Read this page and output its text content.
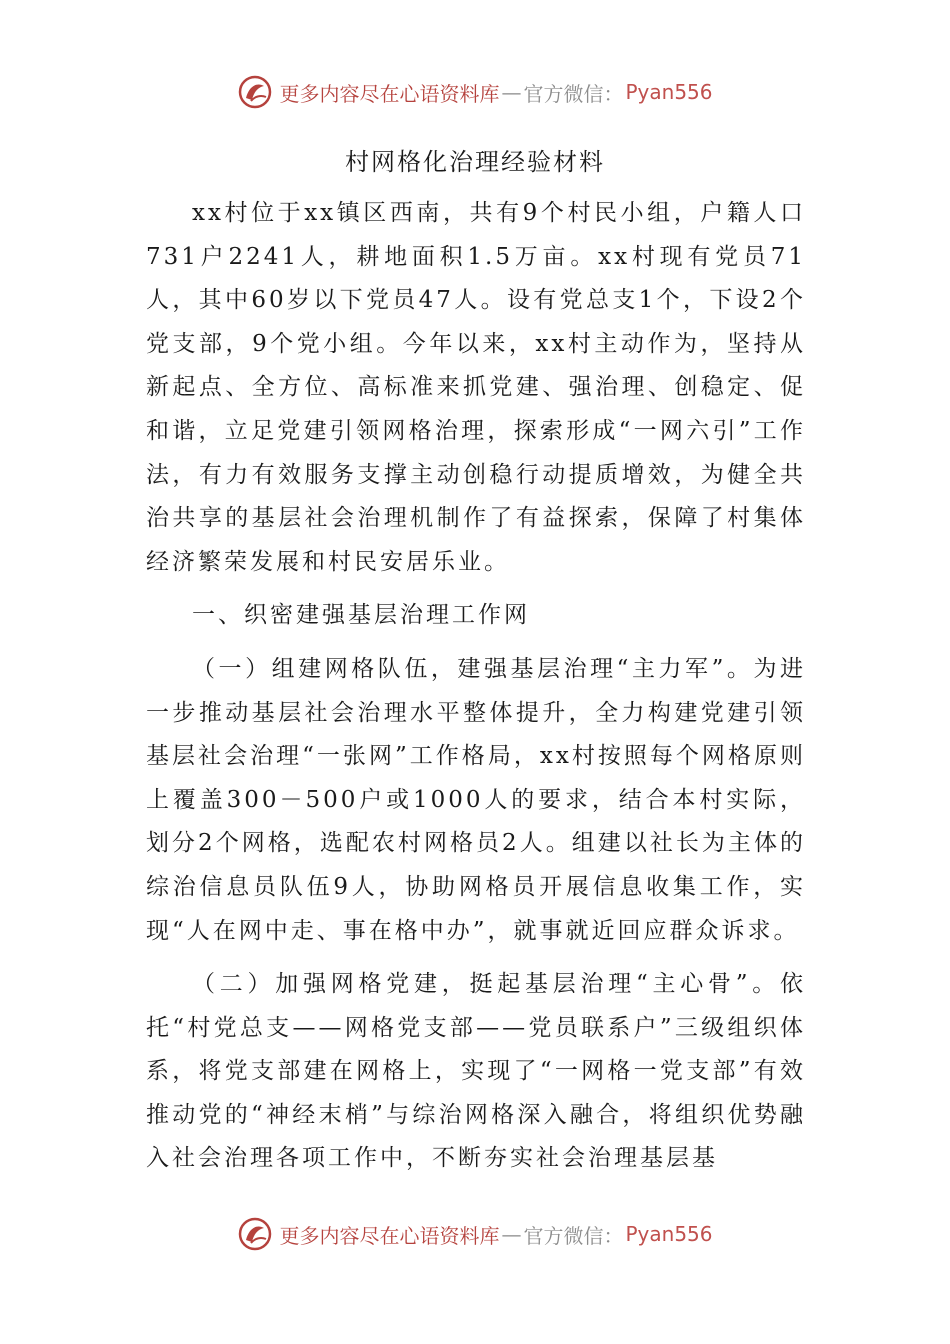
更多内容尽在心语资料库 — 官方微信： Pyan556
村网格化治理经验材料

xx村位于xx镇区西南，共有9个村民小组，户籍人口731户2241人，耕地面积1.5万亩。xx村现有党员71人，其中60岁以下党员47人。设有党总支1个，下设2个党支部，9个党小组。今年以来，xx村主动作为，坚持从新起点、全方位、高标准来抓党建、强治理、创稳定、促和谐，立足党建引领网格治理，探索形成“一网六引”工作法，有力有效服务支撑主动创稳行动提质增效，为健全共治共享的基层社会治理机制作了有益探索，保障了村集体经济繁荣发展和村民安居乐业。

一、织密建强基层治理工作网

（一）组建网格队伍，建强基层治理“主力军”。为进一步推动基层社会治理水平整体提升，全力构建党建引领基层社会治理“一张网”工作格局，xx村按照每个网格原则上覆盖300－500户或1000人的要求，结合本村实际，划分2个网格，选配农村网格员2人。组建以社长为主体的综治信息员队伍9人，协助网格员开展信息收集工作，实现“人在网中走、事在格中办”，就事就近回应群众诉求。

（二）加强网格党建，挺起基层治理“主心骨”。依托“村党总支——网格党支部——党员联系户”三级组织体系，将党支部建在网格上，实现了“一网格一党支部”有效推动党的“神经末梢”与综治网格深入融合，将组织优势融入社会治理各项工作中，不断夯实社会治理基层基

更多内容尽在心语资料库 — 官方微信： Pyan556
